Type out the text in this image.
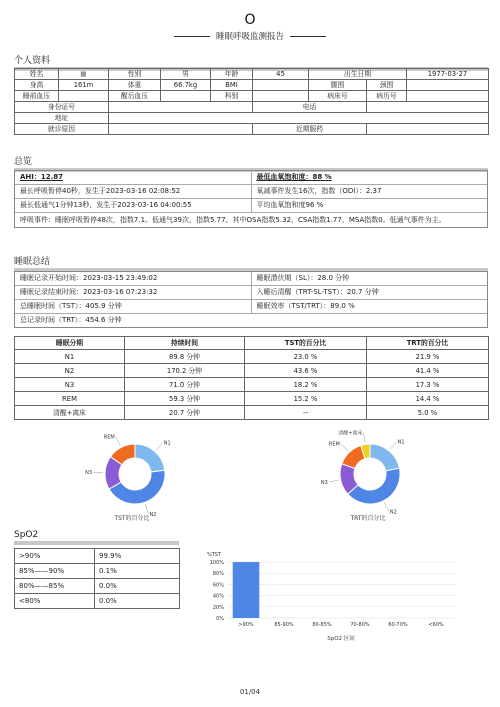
O
睡眠呼吸监测报告
个人资料
姓名	■	性别	男	年龄	45	出生日期		1977-03-27
身高	161m	体重	66.7kg	BMI		腰围	颈围	
睡前血压		醒后血压		科别		病床号	病历号	
身份证号					电话			
地址								
就诊原因					近期服药			
总览
AHI：12.87	最低血氧饱和度：88 %
最长呼吸暂停40秒，发生于2023-03-16 02:08:52	氧减事件发生16次，指数（ODI）：2.37
最长低通气1分钟13秒，发生于2023-03-16 04:00:55	平均血氧饱和度96 %
呼吸事件：睡眠呼吸暂停48次，指数7.1。低通气39次，指数5.77。其中OSA指数5.32，CSA指数1.77，MSA指数0。低通气事件为主。
睡眠总结
睡眠记录开始时间：2023-03-15 23:49:02	睡眠潜伏期（SL）：28.0 分钟
睡眠记录结束时间：2023-03-16 07:23:32	入睡后清醒（TRT-SL-TST）：20.7 分钟
总睡眠时间（TST）：405.9 分钟	睡眠效率（TST/TRT）：89.0 %
总记录时间（TRT）：454.6 分钟
睡眠分期	持续时间	TST的百分比	TRT的百分比
N1	89.8 分钟	23.0 %	21.9 %
N2	170.2 分钟	43.6 %	41.4 %
N3	71.0 分钟	18.2 %	17.3 %
REM	59.3 分钟	15.2 %	14.4 %
清醒+离床	20.7 分钟	--	5.0 %
N1
N2
N3
REM
TST的百分比
N1
N2
N3
REM
清醒+离床
TRT的百分比
SpO2
>90%	99.9%
85%——90%	0.1%
80%——85%	0.0%
<80%	0.0%
%TST
0%
20%
40%
60%
80%
100%
>90%	85-90%	80-85%	70-80%	60-70%	<60%
SpO2 区间
01/04
